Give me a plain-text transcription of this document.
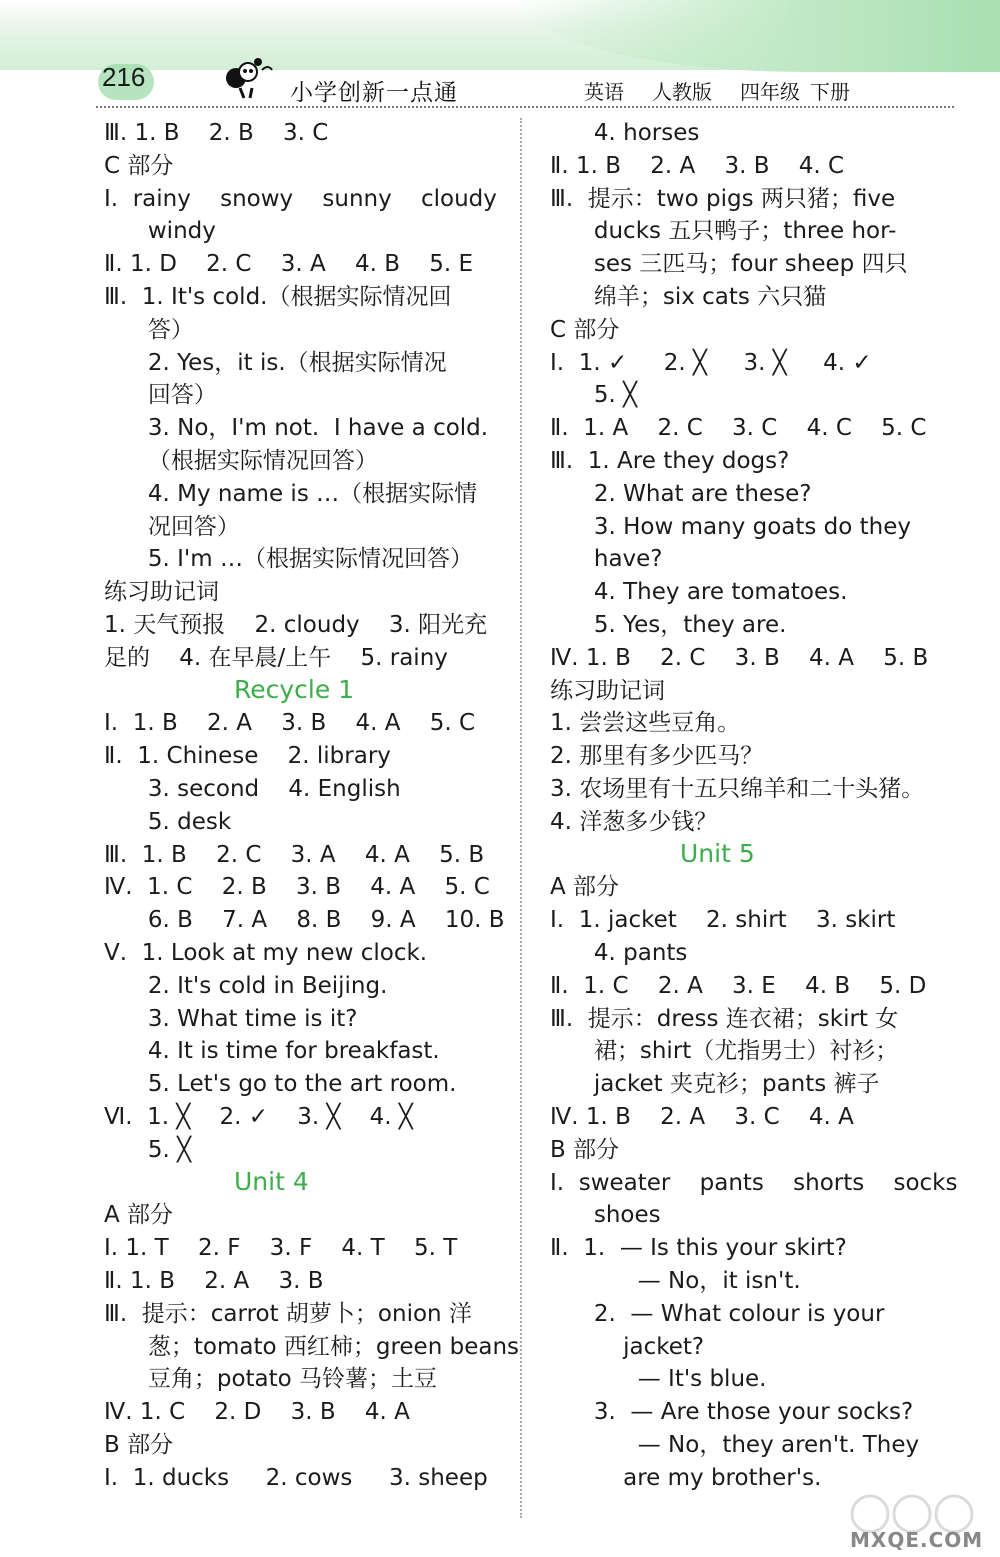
216
小学创新一点通	英语 人教版 四年级 下册
Ⅲ. 1. B    2. B    3. C
C 部分
Ⅰ.  rainy    snowy    sunny    cloudy
windy
Ⅱ. 1. D    2. C    3. A    4. B    5. E
Ⅲ.  1. It's cold.（根据实际情况回
答）
2. Yes，it is.（根据实际情况
回答）
3. No，I'm not.  I have a cold.
（根据实际情况回答）
4. My name is …（根据实际情
况回答）
5. I'm …（根据实际情况回答）
练习助记词
1. 天气预报    2. cloudy    3. 阳光充
足的    4. 在早晨/上午    5. rainy
Recycle 1
Ⅰ.  1. B    2. A    3. B    4. A    5. C
Ⅱ.  1. Chinese    2. library
3. second    4. English
5. desk
Ⅲ.  1. B    2. C    3. A    4. A    5. B
Ⅳ.  1. C    2. B    3. B    4. A    5. C
6. B    7. A    8. B    9. A    10. B
Ⅴ.  1. Look at my new clock.
2. It's cold in Beijing.
3. What time is it?
4. It is time for breakfast.
5. Let's go to the art room.
Ⅵ.  1. ╳    2. ✓    3. ╳    4. ╳
5. ╳
Unit 4
A 部分
Ⅰ. 1. T    2. F    3. F    4. T    5. T
Ⅱ. 1. B    2. A    3. B
Ⅲ.  提示：carrot 胡萝卜；onion 洋
葱；tomato 西红柿；green beans
豆角；potato 马铃薯；土豆
Ⅳ. 1. C    2. D    3. B    4. A
B 部分
Ⅰ.  1. ducks     2. cows     3. sheep
4. horses
Ⅱ. 1. B    2. A    3. B    4. C
Ⅲ.  提示：two pigs 两只猪；five
ducks 五只鸭子；three hor-
ses 三匹马；four sheep 四只
绵羊；six cats 六只猫
C 部分
Ⅰ.  1. ✓     2. ╳     3. ╳     4. ✓
5. ╳
Ⅱ.  1. A    2. C    3. C    4. C    5. C
Ⅲ.  1. Are they dogs?
2. What are these?
3. How many goats do they
have?
4. They are tomatoes.
5. Yes，they are.
Ⅳ. 1. B    2. C    3. B    4. A    5. B
练习助记词
1. 尝尝这些豆角。
2. 那里有多少匹马？
3. 农场里有十五只绵羊和二十头猪。
4. 洋葱多少钱？
Unit 5
A 部分
Ⅰ.  1. jacket    2. shirt    3. skirt
4. pants
Ⅱ.  1. C    2. A    3. E    4. B    5. D
Ⅲ.  提示：dress 连衣裙；skirt 女
裙；shirt（尤指男士）衬衫；
jacket 夹克衫；pants 裤子
Ⅳ. 1. B    2. A    3. C    4. A
B 部分
Ⅰ.  sweater    pants    shorts    socks
shoes
Ⅱ.  1.  — Is this your skirt?
— No，it isn't.
2.  — What colour is your
jacket?
— It's blue.
3.  — Are those your socks?
— No，they aren't. They
are my brother's.
MXQE.COM
